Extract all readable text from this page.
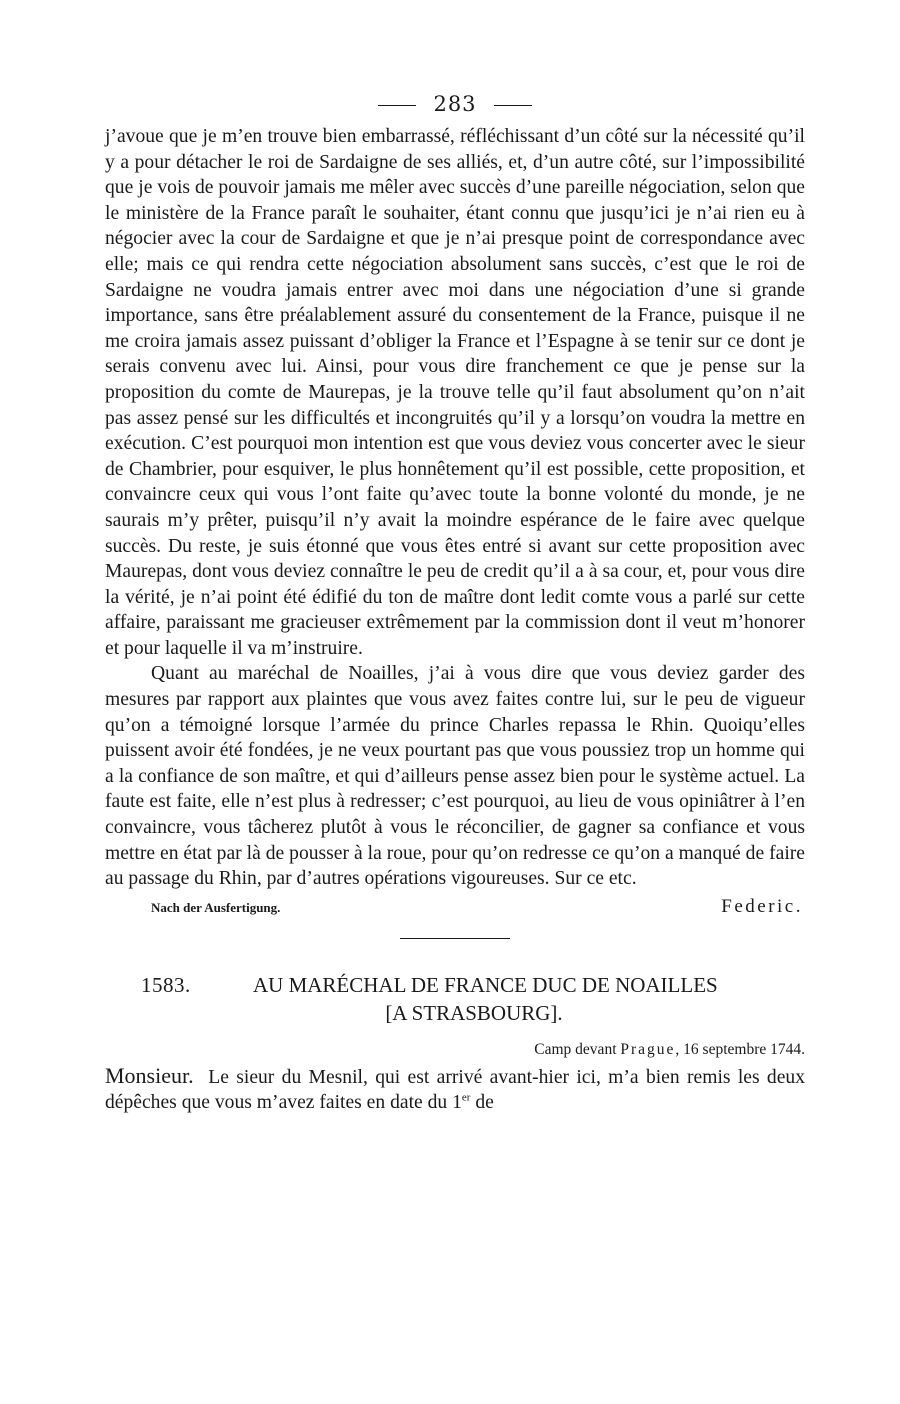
283

j’avoue que je m’en trouve bien embarrassé, réfléchissant d’un côté sur la nécessité qu’il y a pour détacher le roi de Sardaigne de ses alliés, et, d’un autre côté, sur l’impossibilité que je vois de pouvoir jamais me mêler avec succès d’une pareille négociation, selon que le ministère de la France paraît le souhaiter, étant connu que jusqu’ici je n’ai rien eu à négocier avec la cour de Sardaigne et que je n’ai presque point de correspondance avec elle; mais ce qui rendra cette négociation absolument sans succès, c’est que le roi de Sardaigne ne voudra jamais entrer avec moi dans une négociation d’une si grande importance, sans être préalablement assuré du consentement de la France, puisque il ne me croira jamais assez puissant d’obliger la France et l’Espagne à se tenir sur ce dont je serais convenu avec lui. Ainsi, pour vous dire franchement ce que je pense sur la proposition du comte de Maurepas, je la trouve telle qu’il faut absolument qu’on n’ait pas assez pensé sur les difficultés et incongruités qu’il y a lorsqu’on voudra la mettre en exécution. C’est pourquoi mon intention est que vous deviez vous concerter avec le sieur de Chambrier, pour esquiver, le plus honnêtement qu’il est possible, cette proposition, et convaincre ceux qui vous l’ont faite qu’avec toute la bonne volonté du monde, je ne saurais m’y prêter, puisqu’il n’y avait la moindre espérance de le faire avec quelque succès. Du reste, je suis étonné que vous êtes entré si avant sur cette proposition avec Maurepas, dont vous deviez connaître le peu de credit qu’il a à sa cour, et, pour vous dire la vérité, je n’ai point été édifié du ton de maître dont ledit comte vous a parlé sur cette affaire, paraissant me gracieuser extrêmement par la commission dont il veut m’honorer et pour laquelle il va m’instruire.

Quant au maréchal de Noailles, j’ai à vous dire que vous deviez garder des mesures par rapport aux plaintes que vous avez faites contre lui, sur le peu de vigueur qu’on a témoigné lorsque l’armée du prince Charles repassa le Rhin. Quoiqu’elles puissent avoir été fondées, je ne veux pourtant pas que vous poussiez trop un homme qui a la confiance de son maître, et qui d’ailleurs pense assez bien pour le système actuel. La faute est faite, elle n’est plus à redresser; c’est pourquoi, au lieu de vous opiniâtrer à l’en convaincre, vous tâcherez plutôt à vous le réconcilier, de gagner sa confiance et vous mettre en état par là de pousser à la roue, pour qu’on redresse ce qu’on a manqué de faire au passage du Rhin, par d’autres opérations vigoureuses. Sur ce etc.

Nach der Ausfertigung.	Federic.
1583.	AU MARÉCHAL DE FRANCE DUC DE NOAILLES
[A STRASBOURG].
Camp devant Prague, 16 septembre 1744.

Monsieur. Le sieur du Mesnil, qui est arrivé avant-hier ici, m’a bien remis les deux dépêches que vous m’avez faites en date du 1er de
